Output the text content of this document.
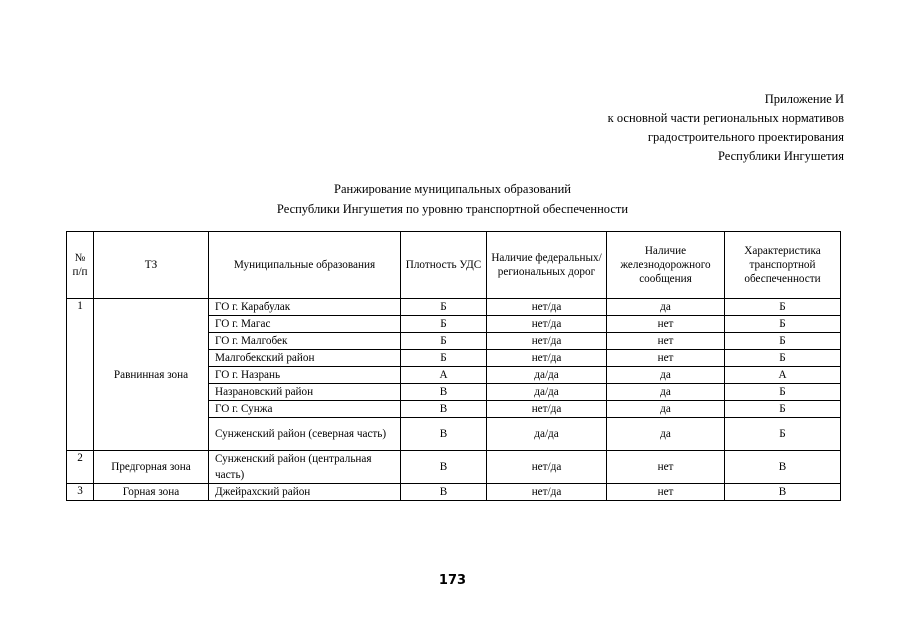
Приложение И
к основной части региональных нормативов
градостроительного проектирования
Республики Ингушетия
Ранжирование муниципальных образований
Республики Ингушетия по уровню транспортной обеспеченности
№ п/п	ТЗ	Муниципальные образования	Плотность УДС	Наличие федеральных/ региональных дорог	Наличие железнодорожного сообщения	Характеристика транспортной обеспеченности
1	Равнинная зона	ГО г. Карабулак	Б	нет/да	да	Б
		ГО г. Магас	Б	нет/да	нет	Б
		ГО г. Малгобек	Б	нет/да	нет	Б
		Малгобекский район	Б	нет/да	нет	Б
		ГО г. Назрань	А	да/да	да	А
		Назрановский район	В	да/да	да	Б
		ГО г. Сунжа	В	нет/да	да	Б
		Сунженский район (северная часть)	В	да/да	да	Б
2	Предгорная зона	Сунженский район (центральная часть)	В	нет/да	нет	В
3	Горная зона	Джейрахский район	В	нет/да	нет	В
173
